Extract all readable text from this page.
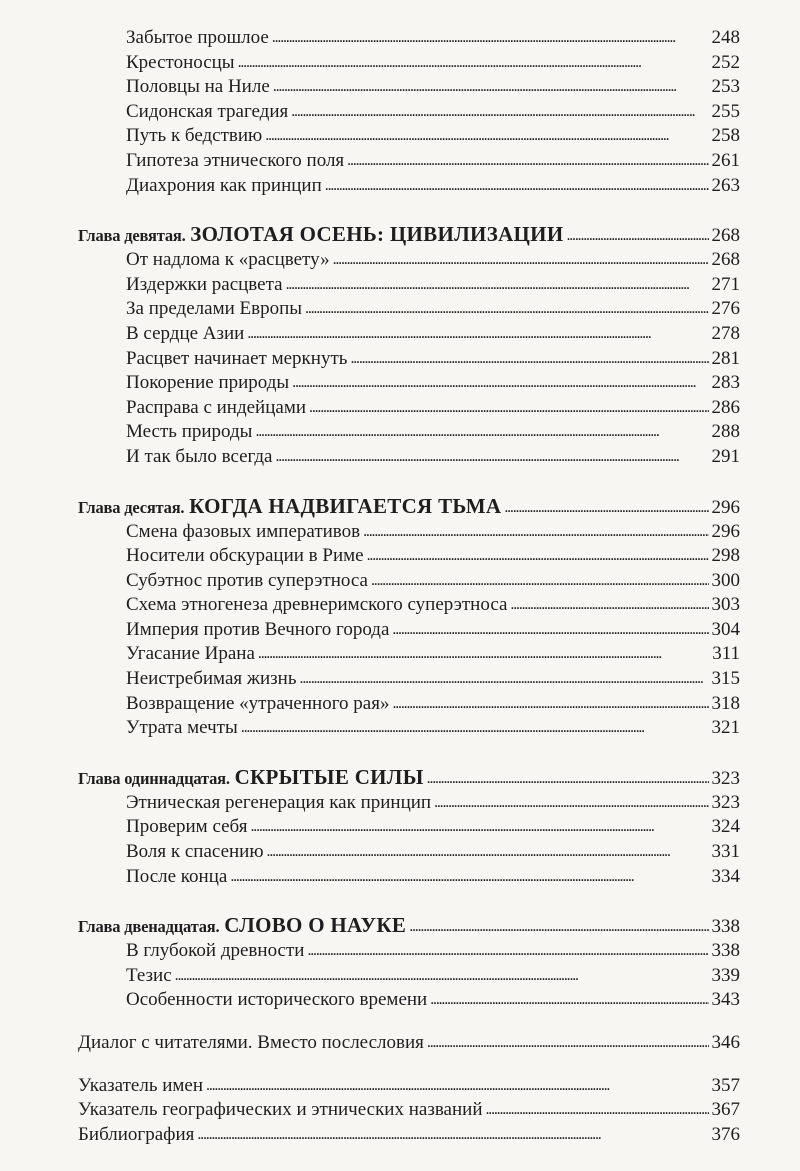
Забытое прошлое . . .	248
Крестоносцы . . .	252
Половцы на Ниле . . .	253
Сидонская трагедия . . .	255
Путь к бедствию . . .	258
Гипотеза этнического поля . . .	261
Диахрония как принцип . . .	263
Глава девятая. ЗОЛОТАЯ ОСЕНЬ: ЦИВИЛИЗАЦИИ . . .	268
От надлома к «расцвету» . . .	268
Издержки расцвета . . .	271
За пределами Европы . . .	276
В сердце Азии . . .	278
Расцвет начинает меркнуть . . .	281
Покорение природы . . .	283
Расправа с индейцами . . .	286
Месть природы . . .	288
И так было всегда . . .	291
Глава десятая. КОГДА НАДВИГАЕТСЯ ТЬМА . . .	296
Смена фазовых императивов . . .	296
Носители обскурации в Риме . . .	298
Субэтнос против суперэтноса . . .	300
Схема этногенеза древнеримского суперэтноса . . .	303
Империя против Вечного города . . .	304
Угасание Ирана . . .	311
Неистребимая жизнь . . .	315
Возвращение «утраченного рая» . . .	318
Утрата мечты . . .	321
Глава одиннадцатая. СКРЫТЫЕ СИЛЫ . . .	323
Этническая регенерация как принцип . . .	323
Проверим себя . . .	324
Воля к спасению . . .	331
После конца . . .	334
Глава двенадцатая. СЛОВО О НАУКЕ . . .	338
В глубокой древности . . .	338
Тезис . . .	339
Особенности исторического времени . . .	343
Диалог с читателями. Вместо послесловия . . .	346
Указатель имен . . .	357
Указатель географических и этнических названий . . .	367
Библиография . . .	376
